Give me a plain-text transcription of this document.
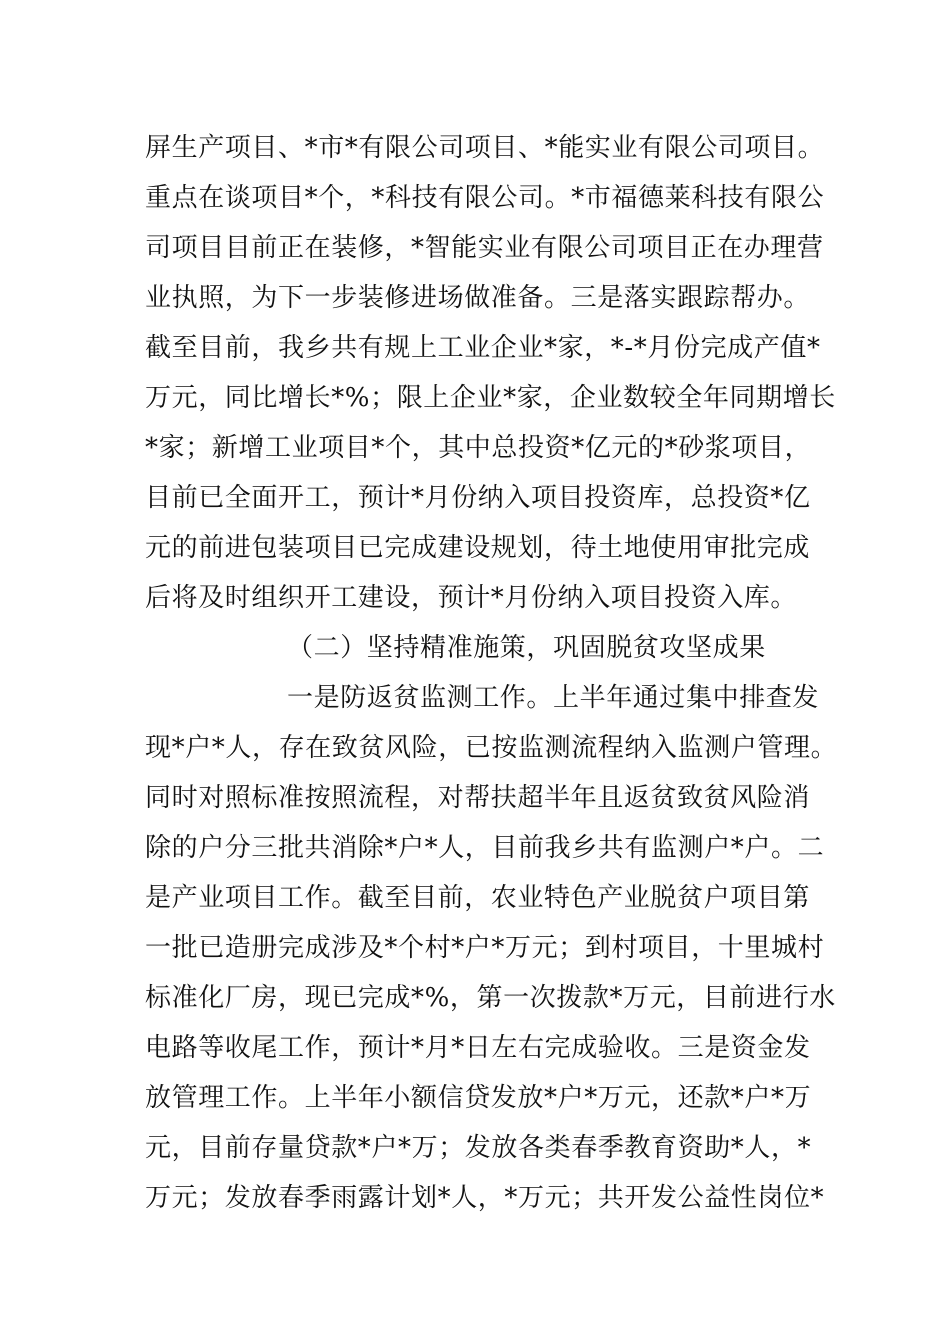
屏生产项目、*市*有限公司项目、*能实业有限公司项目。
重点在谈项目*个，*科技有限公司。*市福德莱科技有限公
司项目目前正在装修，*智能实业有限公司项目正在办理营
业执照，为下一步装修进场做准备。三是落实跟踪帮办。
截至目前，我乡共有规上工业企业*家，*-*月份完成产值*
万元，同比增长*%；限上企业*家，企业数较全年同期增长
*家；新增工业项目*个，其中总投资*亿元的*砂浆项目，
目前已全面开工，预计*月份纳入项目投资库，总投资*亿
元的前进包装项目已完成建设规划，待土地使用审批完成
后将及时组织开工建设，预计*月份纳入项目投资入库。
（二）坚持精准施策，巩固脱贫攻坚成果
一是防返贫监测工作。上半年通过集中排查发
现*户*人，存在致贫风险，已按监测流程纳入监测户管理。
同时对照标准按照流程，对帮扶超半年且返贫致贫风险消
除的户分三批共消除*户*人，目前我乡共有监测户*户。二
是产业项目工作。截至目前，农业特色产业脱贫户项目第
一批已造册完成涉及*个村*户*万元；到村项目，十里城村
标准化厂房，现已完成*%，第一次拨款*万元，目前进行水
电路等收尾工作，预计*月*日左右完成验收。三是资金发
放管理工作。上半年小额信贷发放*户*万元，还款*户*万
元，目前存量贷款*户*万；发放各类春季教育资助*人，*
万元；发放春季雨露计划*人，*万元；共开发公益性岗位*
